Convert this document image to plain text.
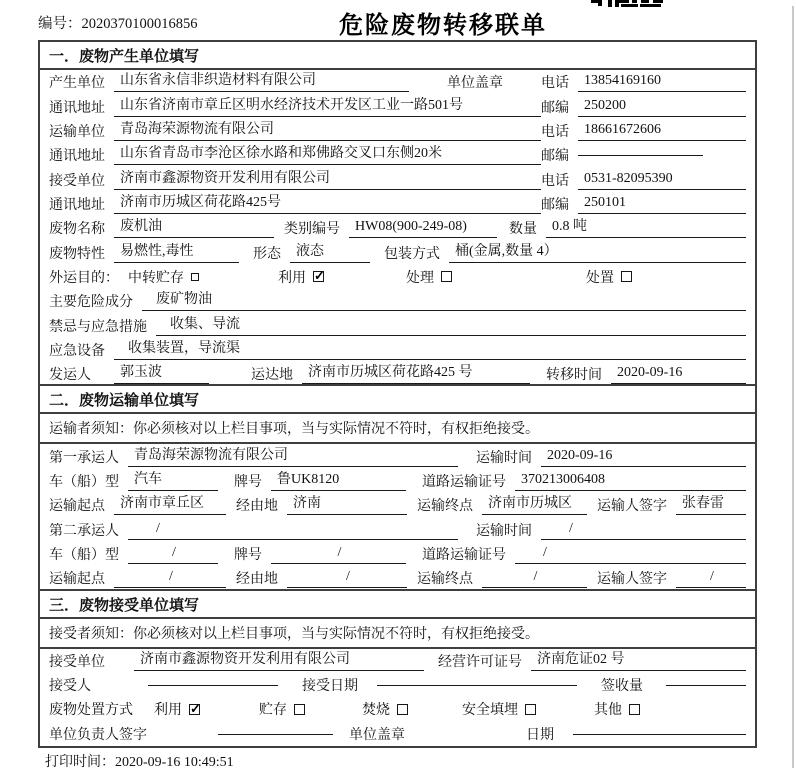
编号：2020370100016856	危险废物转移联单
一．废物产生单位填写
产生单位	山东省永信非织造材料有限公司	单位盖章	电话	13854169160
通讯地址	山东省济南市章丘区明水经济技术开发区工业一路501号	邮编	250200
运输单位	青岛海荣源物流有限公司	电话	18661672606
通讯地址	山东省青岛市李沧区徐水路和郑佛路交叉口东侧20米	邮编
接受单位	济南市鑫源物资开发利用有限公司	电话	0531-82095390
通讯地址	济南市历城区荷花路425号	邮编	250101
废物名称	废机油	类别编号	HW08(900-249-08)	数量	0.8 吨
废物特性	易燃性,毒性	形态	液态	包装方式	桶(金属,数量 4）
外运目的： 中转贮存	利用 ✓	处理	处置
主要危险成分	废矿物油
禁忌与应急措施	收集、导流
应急设备	收集装置，导流渠
发运人	郭玉波	运达地	济南市历城区荷花路425 号	转移时间	2020-09-16
二．废物运输单位填写
运输者须知：你必须核对以上栏目事项，当与实际情况不符时，有权拒绝接受。
第一承运人	青岛海荣源物流有限公司	运输时间	2020-09-16
车（船）型	汽车	牌号	鲁UK8120	道路运输证号	370213006408
运输起点	济南市章丘区	经由地	济南	运输终点	济南市历城区	运输人签字	张春雷
第二承运人	/	运输时间	/
车（船）型	/	牌号	/	道路运输证号	/
运输起点	/	经由地	/	运输终点	/	运输人签字	/
三．废物接受单位填写
接受者须知：你必须核对以上栏目事项，当与实际情况不符时，有权拒绝接受。
接受单位	济南市鑫源物资开发利用有限公司	经营许可证号	济南危证02 号
接受人	接受日期	签收量
废物处置方式 利用 ✓	贮存	焚烧	安全填埋	其他
单位负责人签字	单位盖章	日期
打印时间：2020-09-16 10:49:51
